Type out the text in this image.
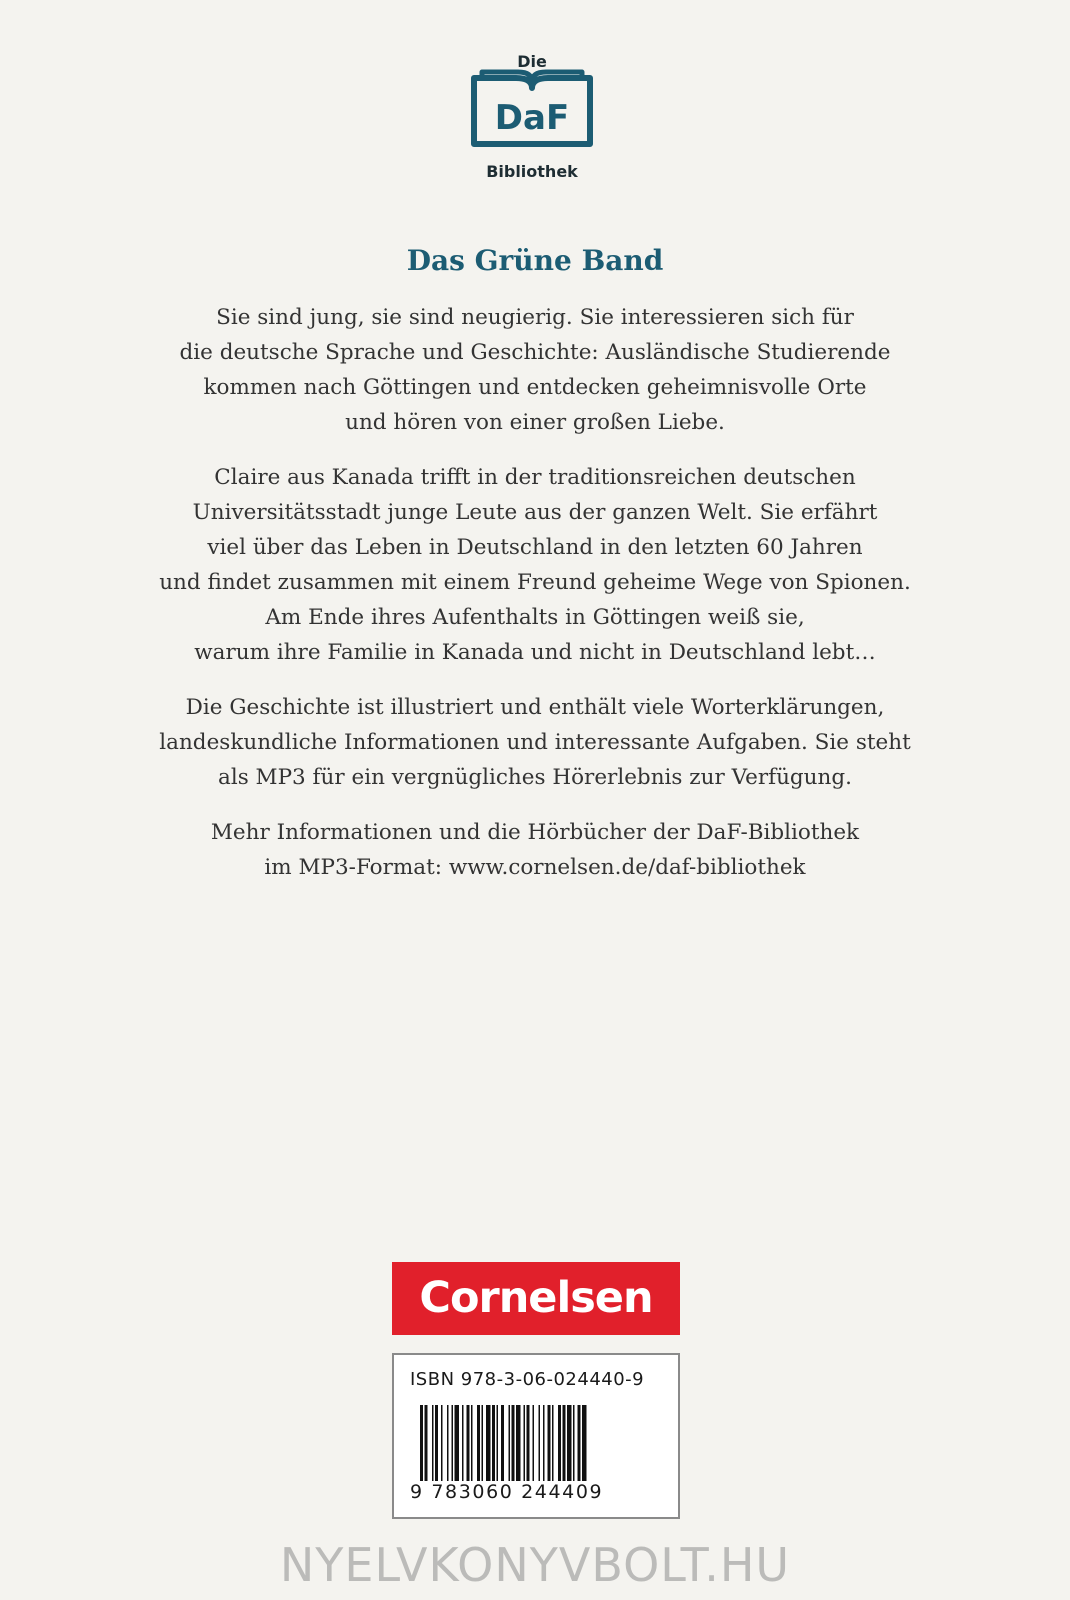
Die
DaF
Bibliothek
Das Grüne Band

Sie sind jung, sie sind neugierig. Sie interessieren sich für
die deutsche Sprache und Geschichte: Ausländische Studierende
kommen nach Göttingen und entdecken geheimnisvolle Orte
und hören von einer großen Liebe.

Claire aus Kanada trifft in der traditionsreichen deutschen
Universitätsstadt junge Leute aus der ganzen Welt. Sie erfährt
viel über das Leben in Deutschland in den letzten 60 Jahren
und findet zusammen mit einem Freund geheime Wege von Spionen.
Am Ende ihres Aufenthalts in Göttingen weiß sie,
warum ihre Familie in Kanada und nicht in Deutschland lebt…

Die Geschichte ist illustriert und enthält viele Worterklärungen,
landeskundliche Informationen und interessante Aufgaben. Sie steht
als MP3 für ein vergnügliches Hörerlebnis zur Verfügung.

Mehr Informationen und die Hörbücher der DaF-Bibliothek
im MP3-Format: www.cornelsen.de/daf-bibliothek

Cornelsen
ISBN 978-3-06-024440-9
9 783060 244409
NYELVKONYVBOLT.HU
